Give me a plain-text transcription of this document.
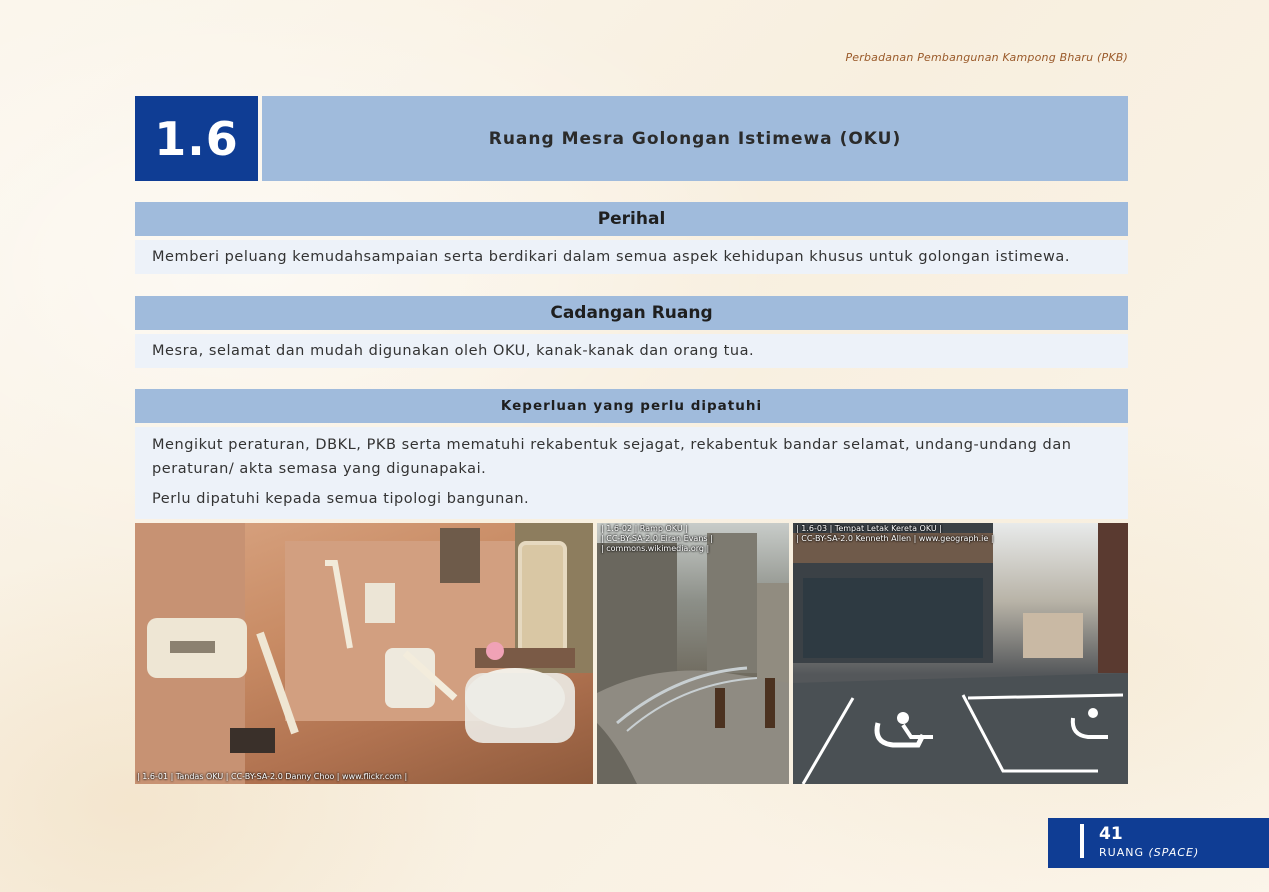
Perbadanan Pembangunan Kampong Bharu (PKB)
1.6	Ruang Mesra Golongan Istimewa (OKU)
Perihal
Memberi peluang kemudahsampaian serta berdikari dalam semua aspek kehidupan khusus untuk golongan istimewa.
Cadangan Ruang
Mesra, selamat dan mudah digunakan oleh OKU, kanak-kanak dan orang tua.
Keperluan yang perlu dipatuhi

Mengikut peraturan, DBKL, PKB serta mematuhi rekabentuk sejagat, rekabentuk bandar selamat, undang-undang dan peraturan/ akta semasa yang digunapakai.

Perlu dipatuhi kepada semua tipologi bangunan.

| 1.6-01 | Tandas OKU | CC-BY-SA-2.0 Danny Choo | www.flickr.com |
| 1.6-02 | Ramp OKU |
| CC-BY-SA-2.0 Eiran Evans |
| commons.wikimedia.org |
| 1.6-03 | Tempat Letak Kereta OKU |
| CC-BY-SA-2.0 Kenneth Allen | www.geograph.ie |
41
RUANG (SPACE)
